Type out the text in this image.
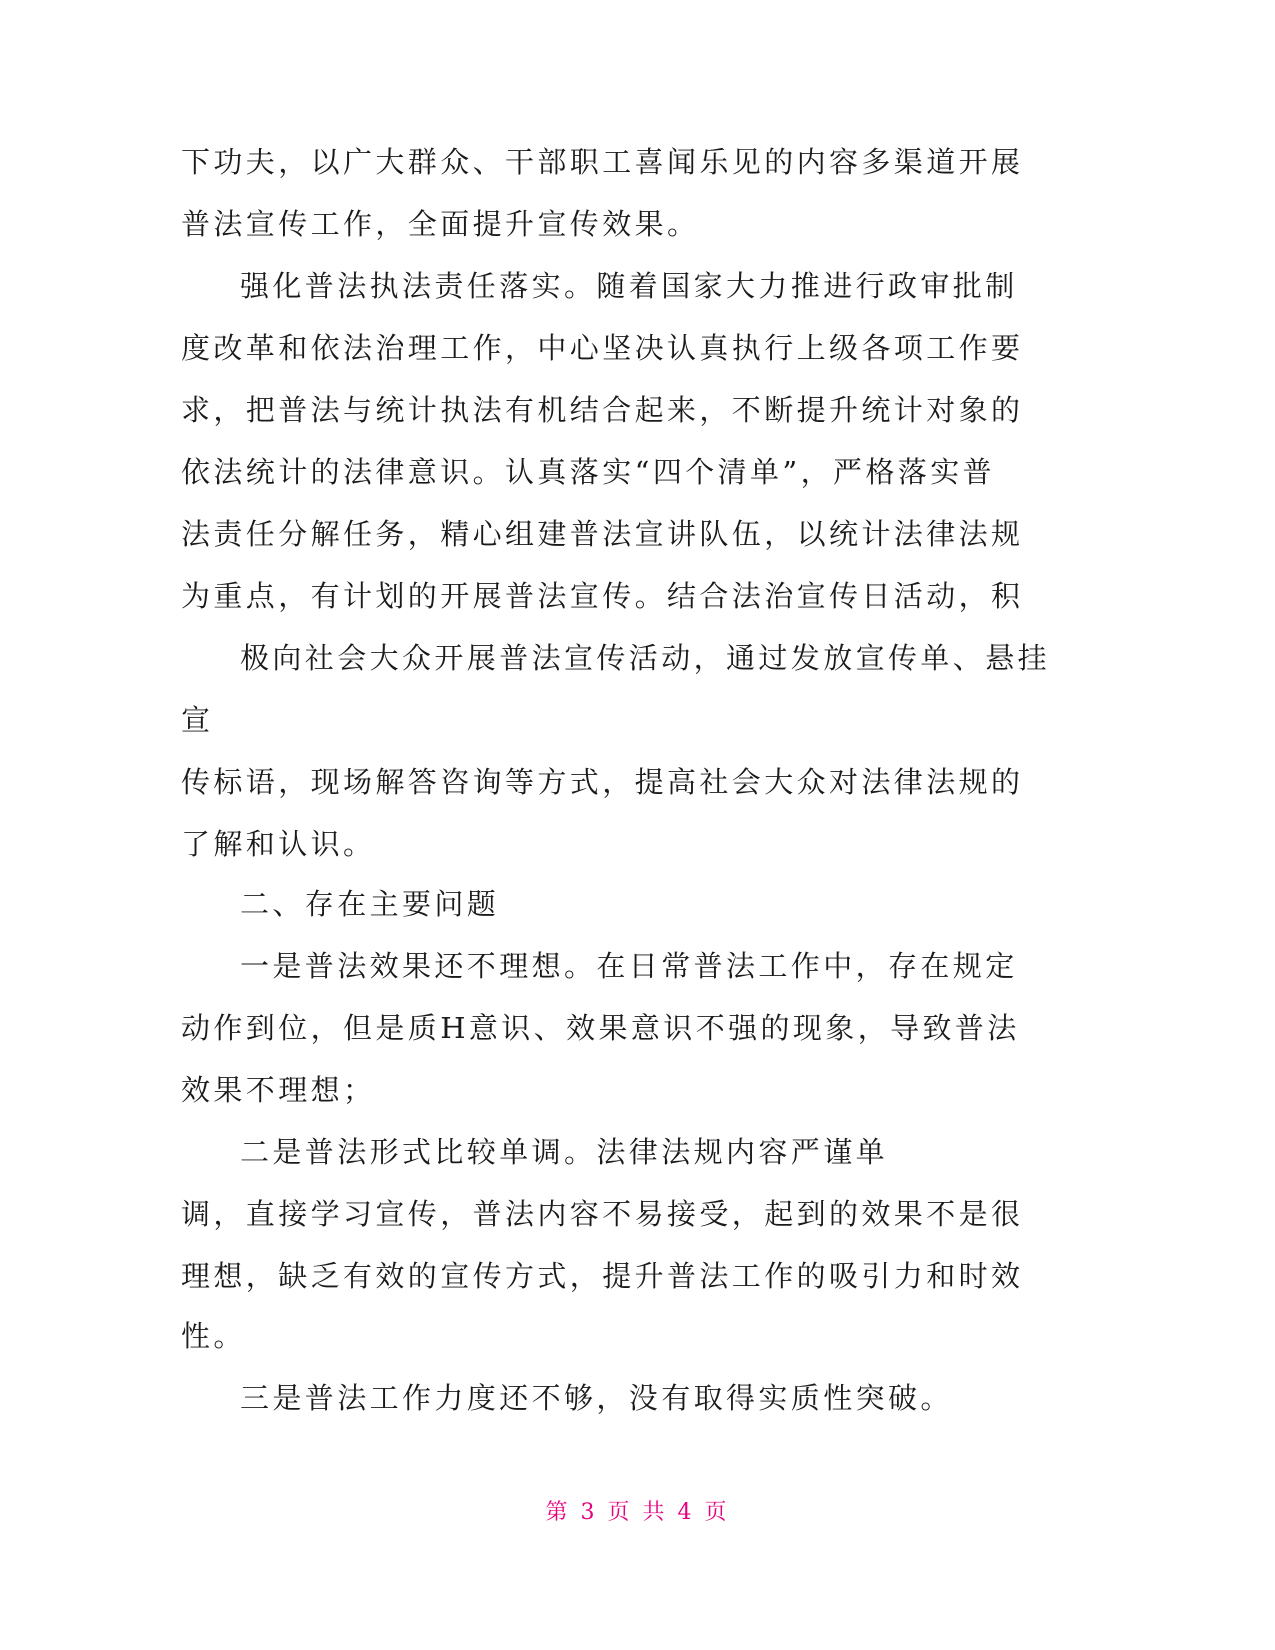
下功夫，以广大群众、干部职工喜闻乐见的内容多渠道开展
普法宣传工作，全面提升宣传效果。
强化普法执法责任落实。随着国家大力推进行政审批制
度改革和依法治理工作，中心坚决认真执行上级各项工作要
求，把普法与统计执法有机结合起来，不断提升统计对象的
依法统计的法律意识。认真落实“四个清单”，严格落实普
法责任分解任务，精心组建普法宣讲队伍，以统计法律法规
为重点，有计划的开展普法宣传。结合法治宣传日活动，积
极向社会大众开展普法宣传活动，通过发放宣传单、悬挂
宣
传标语，现场解答咨询等方式，提高社会大众对法律法规的
了解和认识。
二、存在主要问题
一是普法效果还不理想。在日常普法工作中，存在规定
动作到位，但是质H意识、效果意识不强的现象，导致普法
效果不理想；
二是普法形式比较单调。法律法规内容严谨单
调，直接学习宣传，普法内容不易接受，起到的效果不是很
理想，缺乏有效的宣传方式，提升普法工作的吸引力和时效
性。
三是普法工作力度还不够，没有取得实质性突破。
第 3 页 共 4 页
